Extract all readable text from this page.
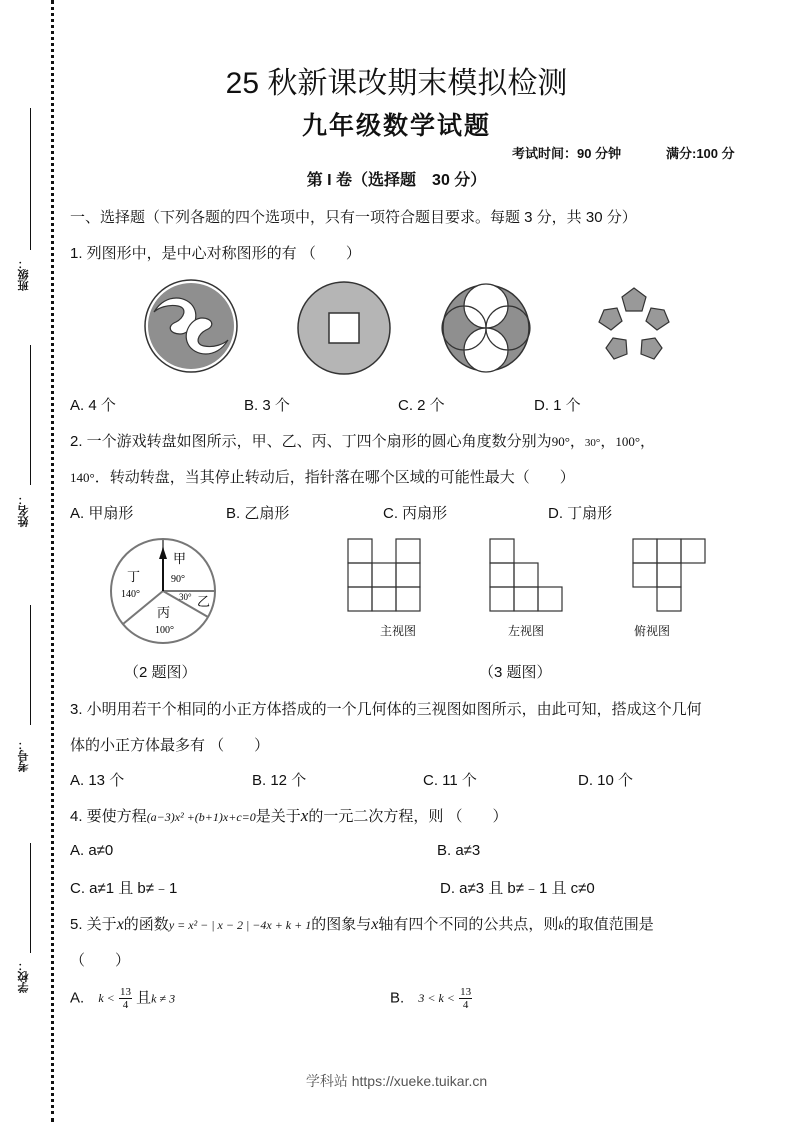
班级：
姓名：
考号：
学校：
25 秋新课改期末模拟检测
九年级数学试题
考试时间：90 分钟	满分:100 分
第 I 卷（选择题　30 分）
一、选择题（下列各题的四个选项中，只有一项符合题目要求。每题 3 分，共 30 分）
1. 列图形中，是中心对称图形的有 （　　）
A. 4 个	B. 3 个	C. 2 个	D. 1 个
2. 一个游戏转盘如图所示，甲、乙、丙、丁四个扇形的圆心角度数分别为90°，30°，100°，
140°．转动转盘，当其停止转动后，指针落在哪个区域的可能性最大（　　）
A. 甲扇形	B. 乙扇形	C. 丙扇形	D. 丁扇形
甲
90°
乙
30°
丙
100°
丁
140°
（2 题图）
主视图	左视图	俯视图
（3 题图）
3. 小明用若干个相同的小正方体搭成的一个几何体的三视图如图所示，由此可知，搭成这个几何
体的小正方体最多有 （　　）
A. 13 个	B. 12 个	C. 11 个	D. 10 个
4. 要使方程(a−3)x² +(b+1)x+c=0是关于x的一元二次方程，则 （　　）
A. a≠0	B. a≠3
C. a≠1 且 b≠﹣1	D. a≠3 且 b≠﹣1 且 c≠0
5. 关于x的函数y = x² − | x − 2 | −4x + k + 1的图象与x轴有四个不同的公共点，则k的取值范围是
（　　）
A. $k < \frac{13}{4}$ 且k ≠ 3	B. $3 < k < \frac{13}{4}$
学科站 https://xueke.tuikar.cn
